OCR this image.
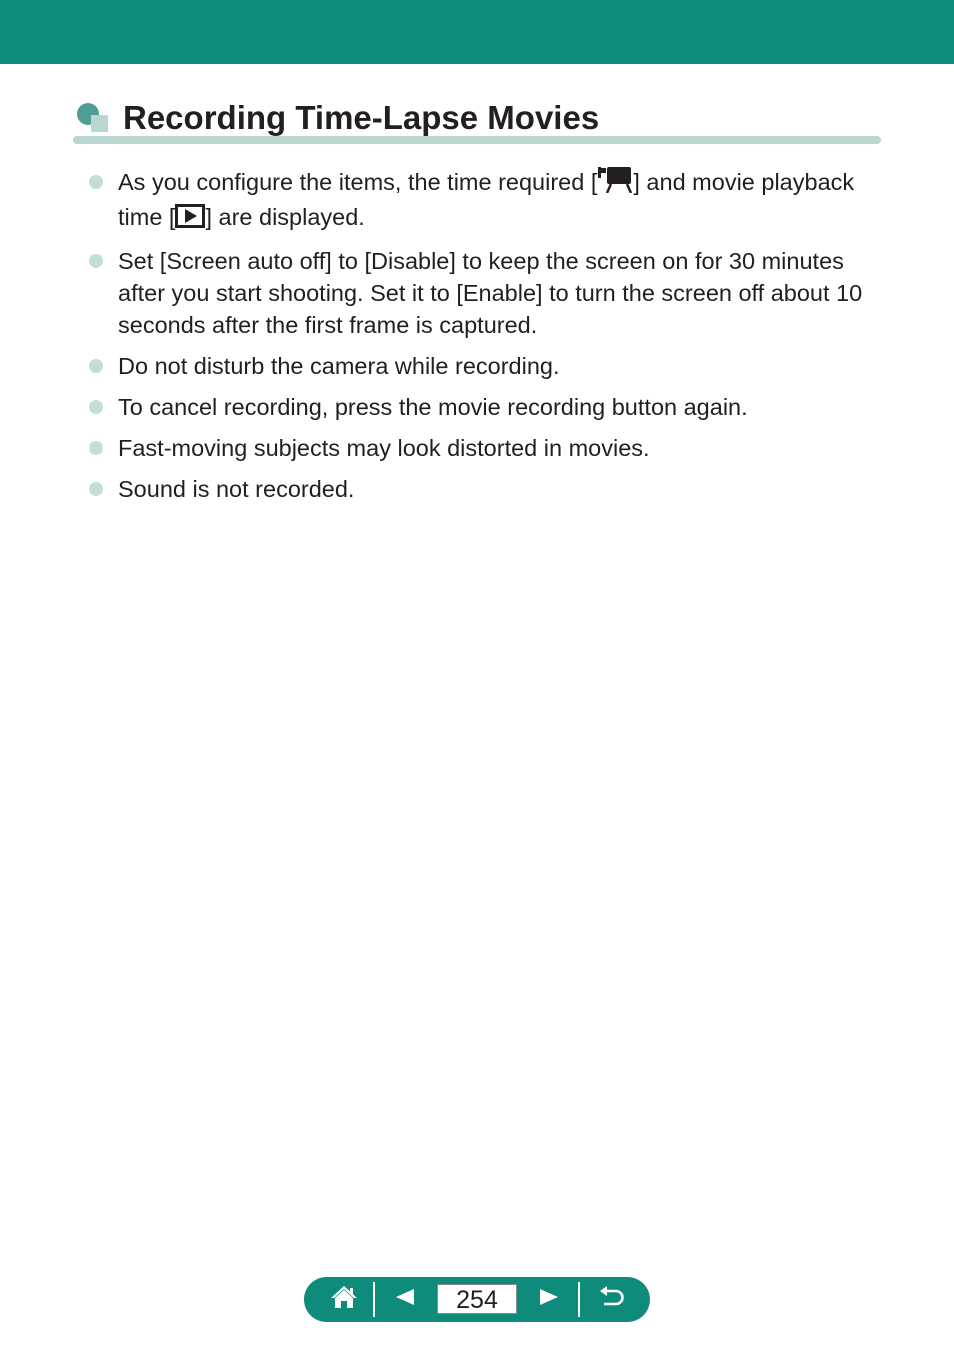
Recording Time-Lapse Movies
As you configure the items, the time required [ ] and movie playback time [ ] are displayed.
Set [Screen auto off] to [Disable] to keep the screen on for 30 minutes after you start shooting. Set it to [Enable] to turn the screen off about 10 seconds after the first frame is captured.
Do not disturb the camera while recording.
To cancel recording, press the movie recording button again.
Fast-moving subjects may look distorted in movies.
Sound is not recorded.
254
